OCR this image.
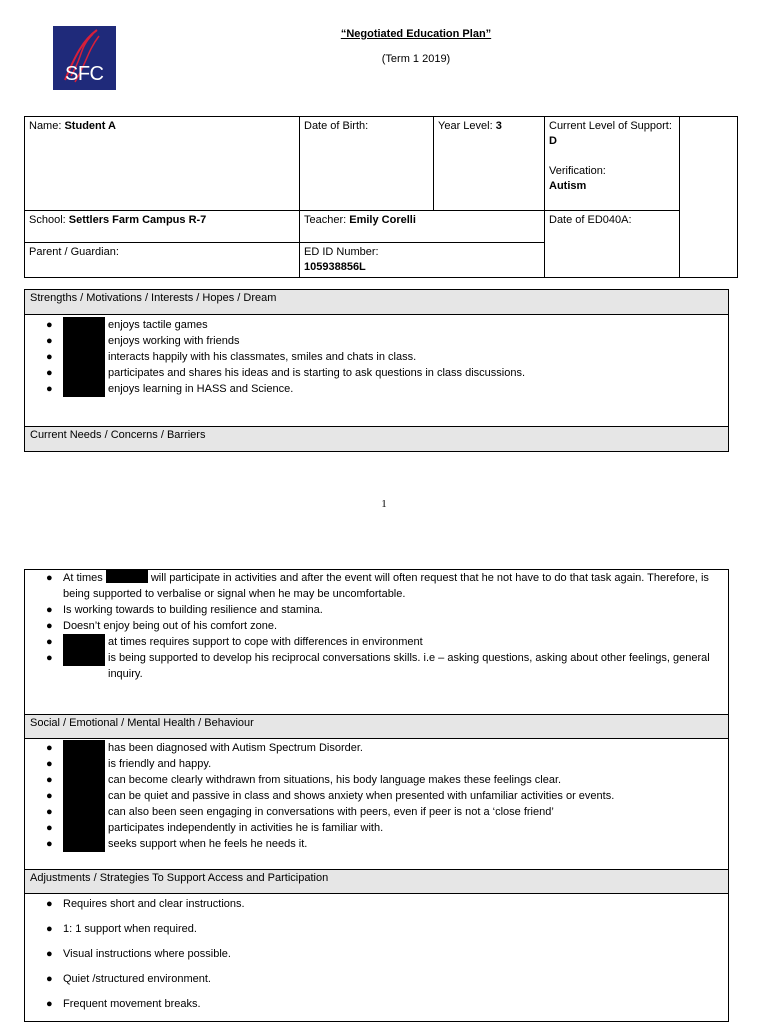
SFC
“Negotiated Education Plan”
(Term 1 2019)
Name: Student A	Date of Birth:	Year Level: 3	Current Level of Support: D

Verification:
Autism	
School: Settlers Farm Campus R-7	Teacher: Emily Corelli		Date of ED040A:	
Parent / Guardian:	ED ID Number:
105938856L			
Strengths / Motivations / Interests / Hopes / Dream
●	enjoys tactile games
●	enjoys working with friends
●	interacts happily with his classmates, smiles and chats in class.
●	participates and shares his ideas and is starting to ask questions in class discussions.
●	enjoys learning in HASS and Science.
Current Needs / Concerns / Barriers
1
● At times	will participate in activities and after the event will often request that he not have to do that task again. Therefore, is being supported to verbalise or signal when he may be uncomfortable.
● Is working towards to building resilience and stamina.
● Doesn’t enjoy being out of his comfort zone.
●	at times requires support to cope with differences in environment
●	is being supported to develop his reciprocal conversations skills. i.e – asking questions, asking about other feelings, general inquiry.
Social / Emotional / Mental Health / Behaviour
●	has been diagnosed with Autism Spectrum Disorder.
●	is friendly and happy.
●	can become clearly withdrawn from situations, his body language makes these feelings clear.
●	can be quiet and passive in class and shows anxiety when presented with unfamiliar activities or events.
●	can also been seen engaging in conversations with peers, even if peer is not a ‘close friend’
●	participates independently in activities he is familiar with.
●	seeks support when he feels he needs it.
Adjustments / Strategies To Support Access and Participation
● Requires short and clear instructions.
● 1: 1 support when required.
● Visual instructions where possible.
● Quiet /structured environment.
● Frequent movement breaks.
